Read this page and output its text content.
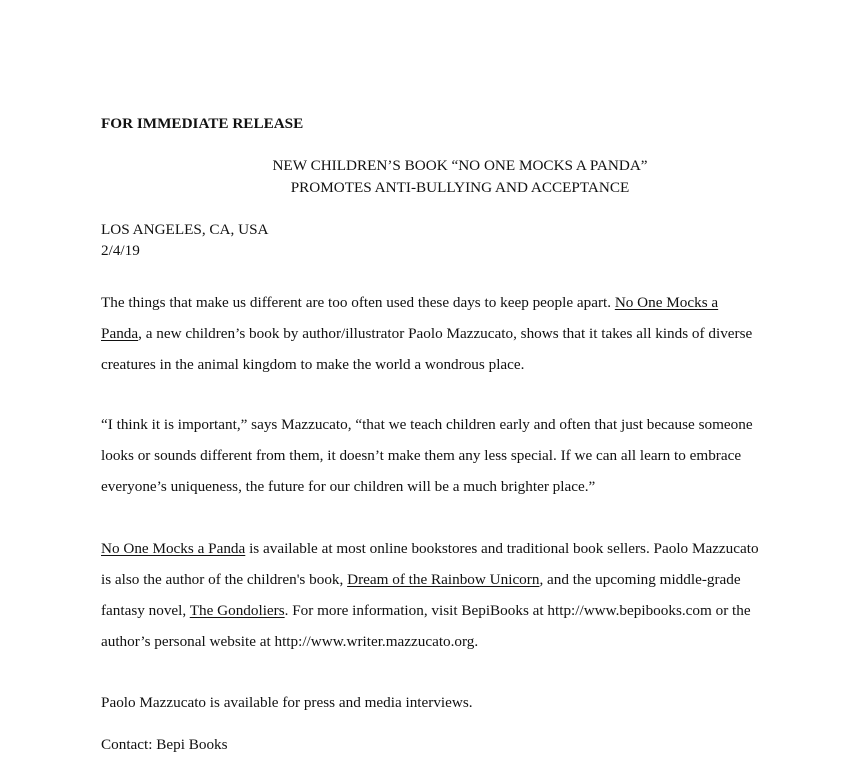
FOR IMMEDIATE RELEASE

NEW CHILDREN’S BOOK “NO ONE MOCKS A PANDA”
PROMOTES ANTI-BULLYING AND ACCEPTANCE

LOS ANGELES, CA, USA
2/4/19

The things that make us different are too often used these days to keep people apart. No One Mocks a Panda, a new children’s book by author/illustrator Paolo Mazzucato, shows that it takes all kinds of diverse creatures in the animal kingdom to make the world a wondrous place.

“I think it is important,” says Mazzucato, “that we teach children early and often that just because someone looks or sounds different from them, it doesn’t make them any less special. If we can all learn to embrace everyone’s uniqueness, the future for our children will be a much brighter place.”

No One Mocks a Panda is available at most online bookstores and traditional book sellers. Paolo Mazzucato is also the author of the children's book, Dream of the Rainbow Unicorn, and the upcoming middle-grade fantasy novel, The Gondoliers. For more information, visit BepiBooks at http://www.bepibooks.com or the author’s personal website at http://www.writer.mazzucato.org.

Paolo Mazzucato is available for press and media interviews.

Contact: Bepi Books
